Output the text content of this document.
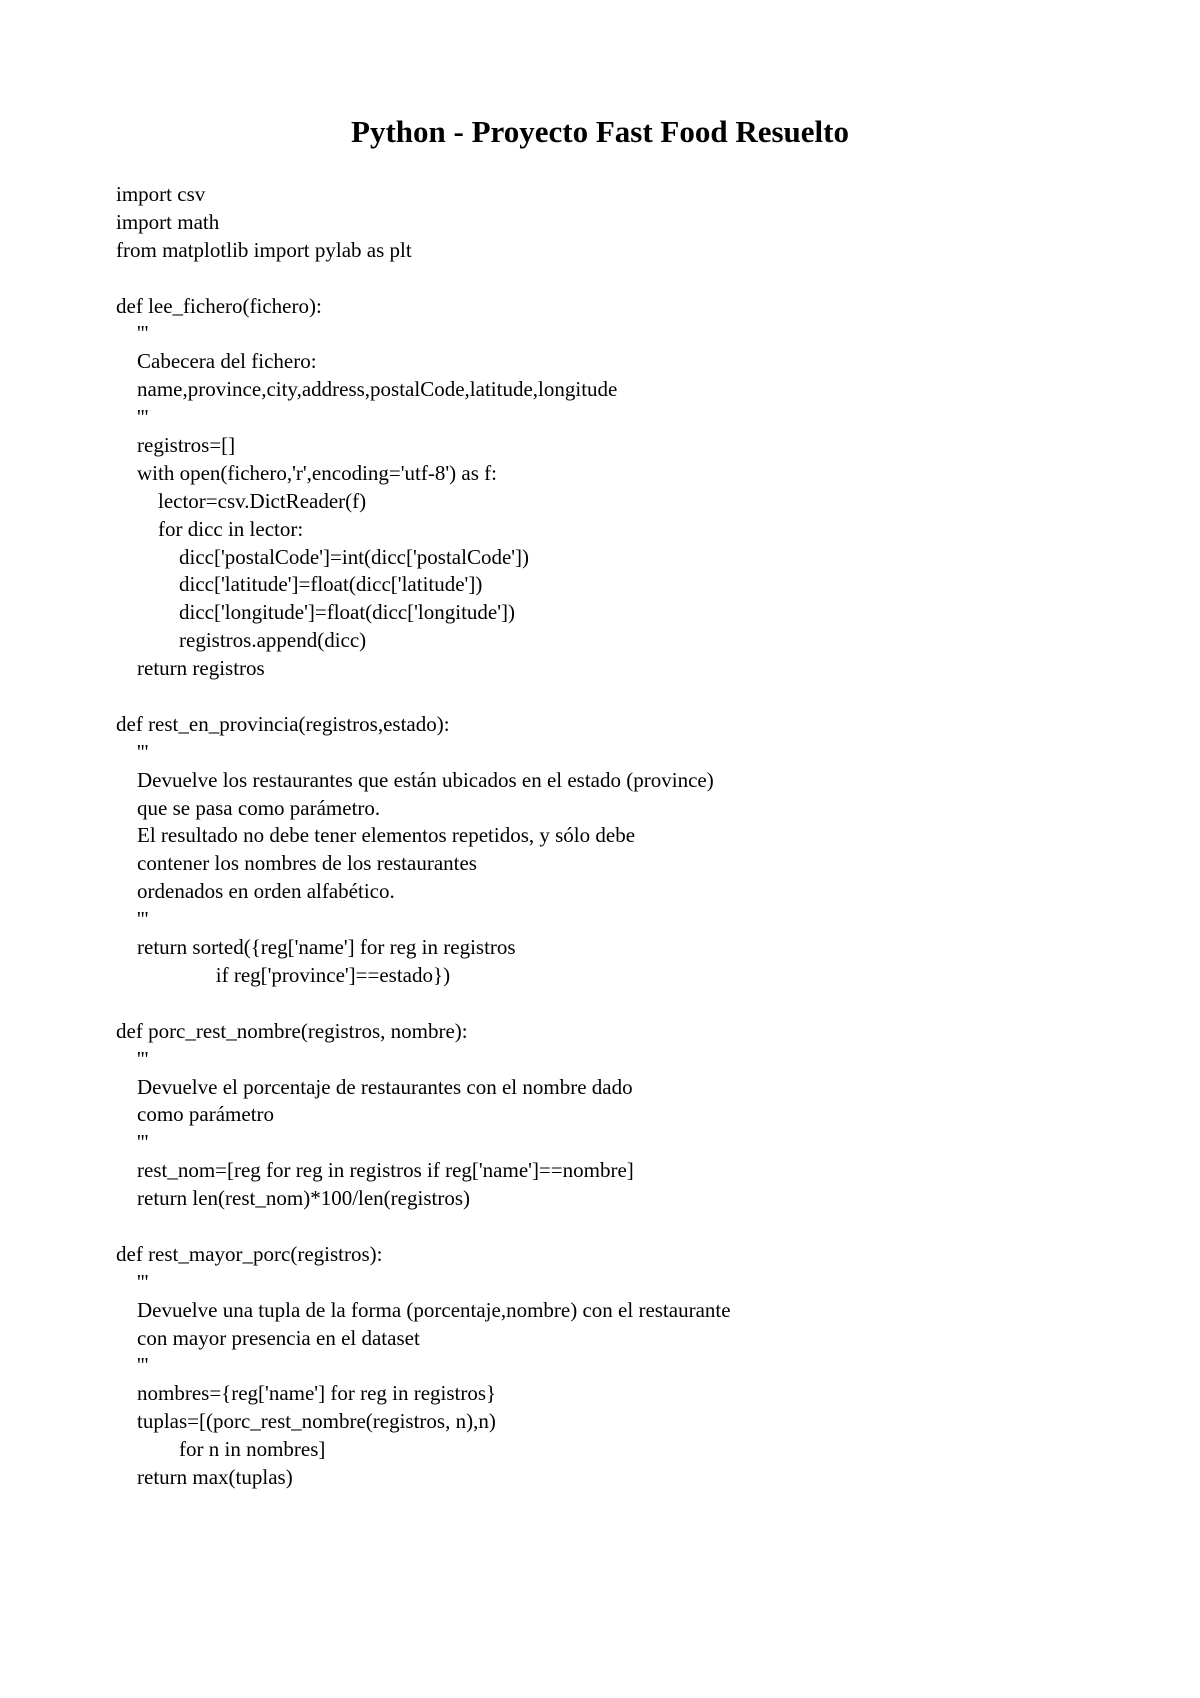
Python - Proyecto Fast Food Resuelto
import csv
import math
from matplotlib import pylab as plt
def lee_fichero(fichero):
'''
Cabecera del fichero:
name,province,city,address,postalCode,latitude,longitude
'''
registros=[]
with open(fichero,'r',encoding='utf-8') as f:
lector=csv.DictReader(f)
for dicc in lector:
dicc['postalCode']=int(dicc['postalCode'])
dicc['latitude']=float(dicc['latitude'])
dicc['longitude']=float(dicc['longitude'])
registros.append(dicc)
return registros
def rest_en_provincia(registros,estado):
'''
Devuelve los restaurantes que están ubicados en el estado (province)
que se pasa como parámetro.
El resultado no debe tener elementos repetidos, y sólo debe
contener los nombres de los restaurantes
ordenados en orden alfabético.
'''
return sorted({reg['name'] for reg in registros
if reg['province']==estado})
def porc_rest_nombre(registros, nombre):
'''
Devuelve el porcentaje de restaurantes con el nombre dado
como parámetro
'''
rest_nom=[reg for reg in registros if reg['name']==nombre]
return len(rest_nom)*100/len(registros)
def rest_mayor_porc(registros):
'''
Devuelve una tupla de la forma (porcentaje,nombre) con el restaurante
con mayor presencia en el dataset
'''
nombres={reg['name'] for reg in registros}
tuplas=[(porc_rest_nombre(registros, n),n)
for n in nombres]
return max(tuplas)
